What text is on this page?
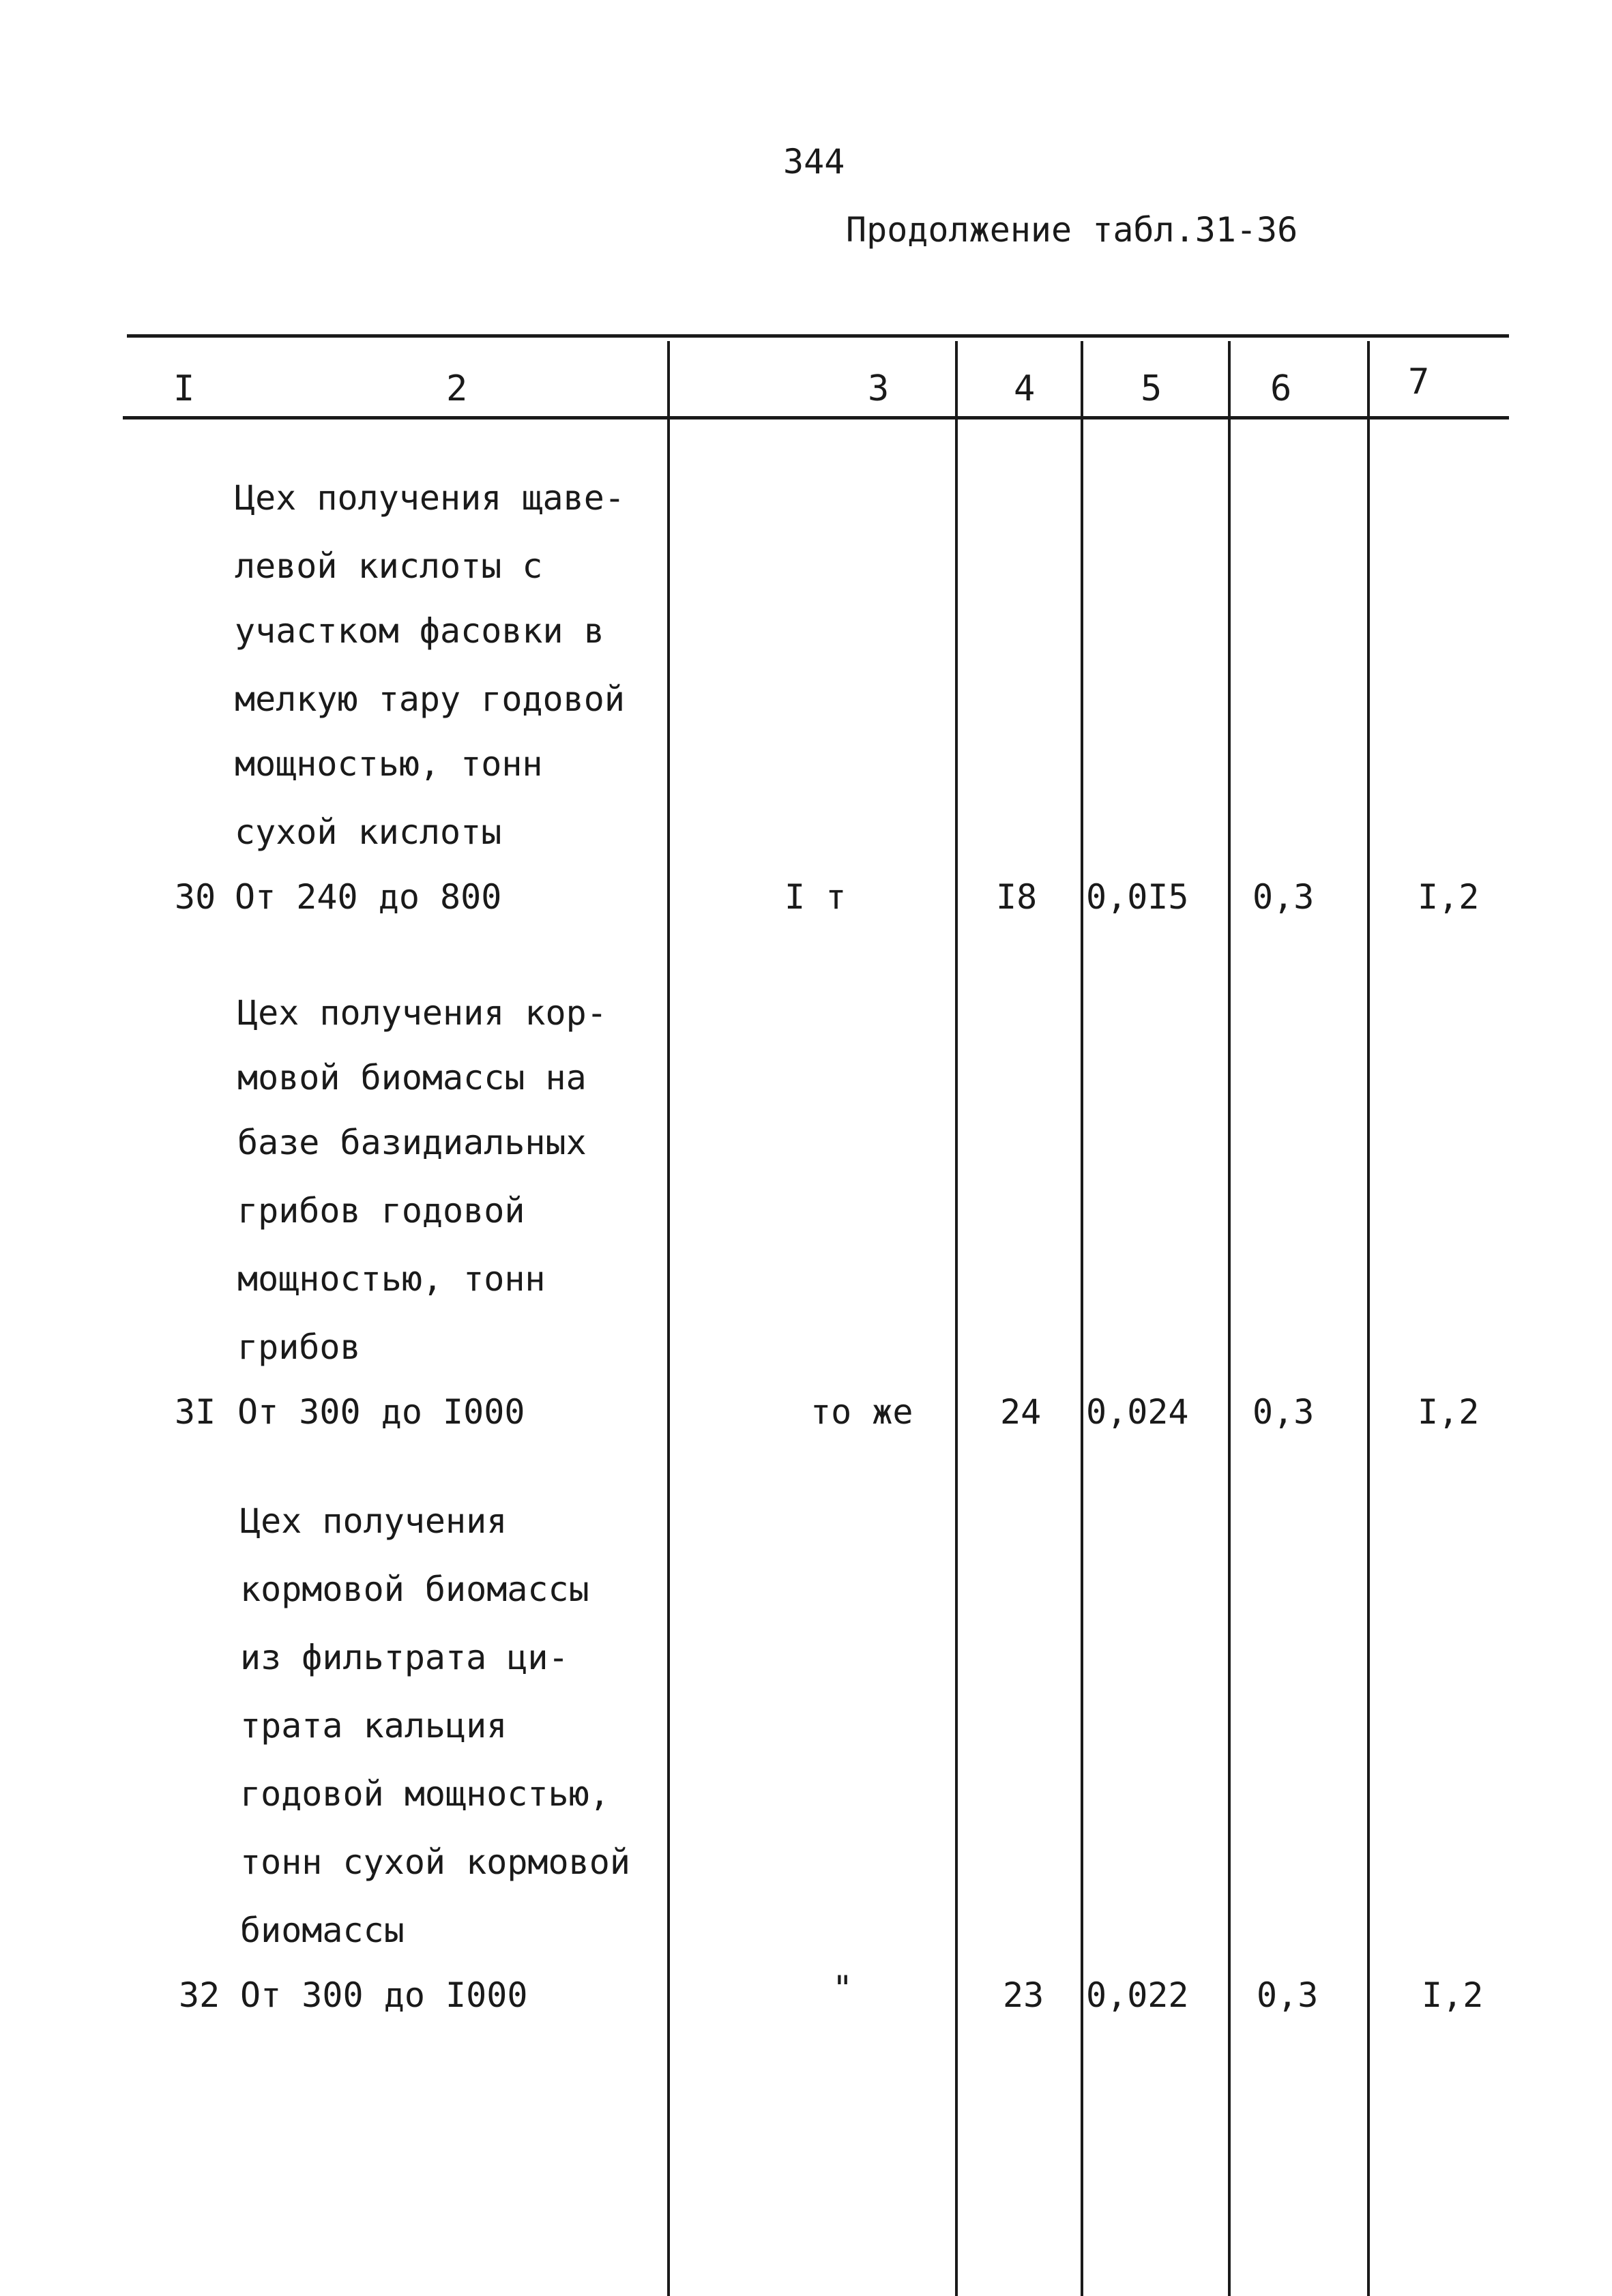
344
Продолжение табл.31-36
I	2	3	4	5	6	7
Цех получения щаве-
левой кислоты с
участком фасовки в
мелкую тару годовой
мощностью, тонн
сухой кислоты
30 От 240 до 800	I т	I8 0,0I5 0,3	I,2
Цех получения кор-
мовой биомассы на
базе базидиальных
грибов годовой
мощностью, тонн
грибов
3I От 300 до I000	то же	24 0,024 0,3	I,2
Цех получения
кормовой биомассы
из фильтрата ци-
трата кальция
годовой мощностью,
тонн сухой кормовой
биомассы
32 От 300 до I000	"	23 0,022 0,3	I,2
